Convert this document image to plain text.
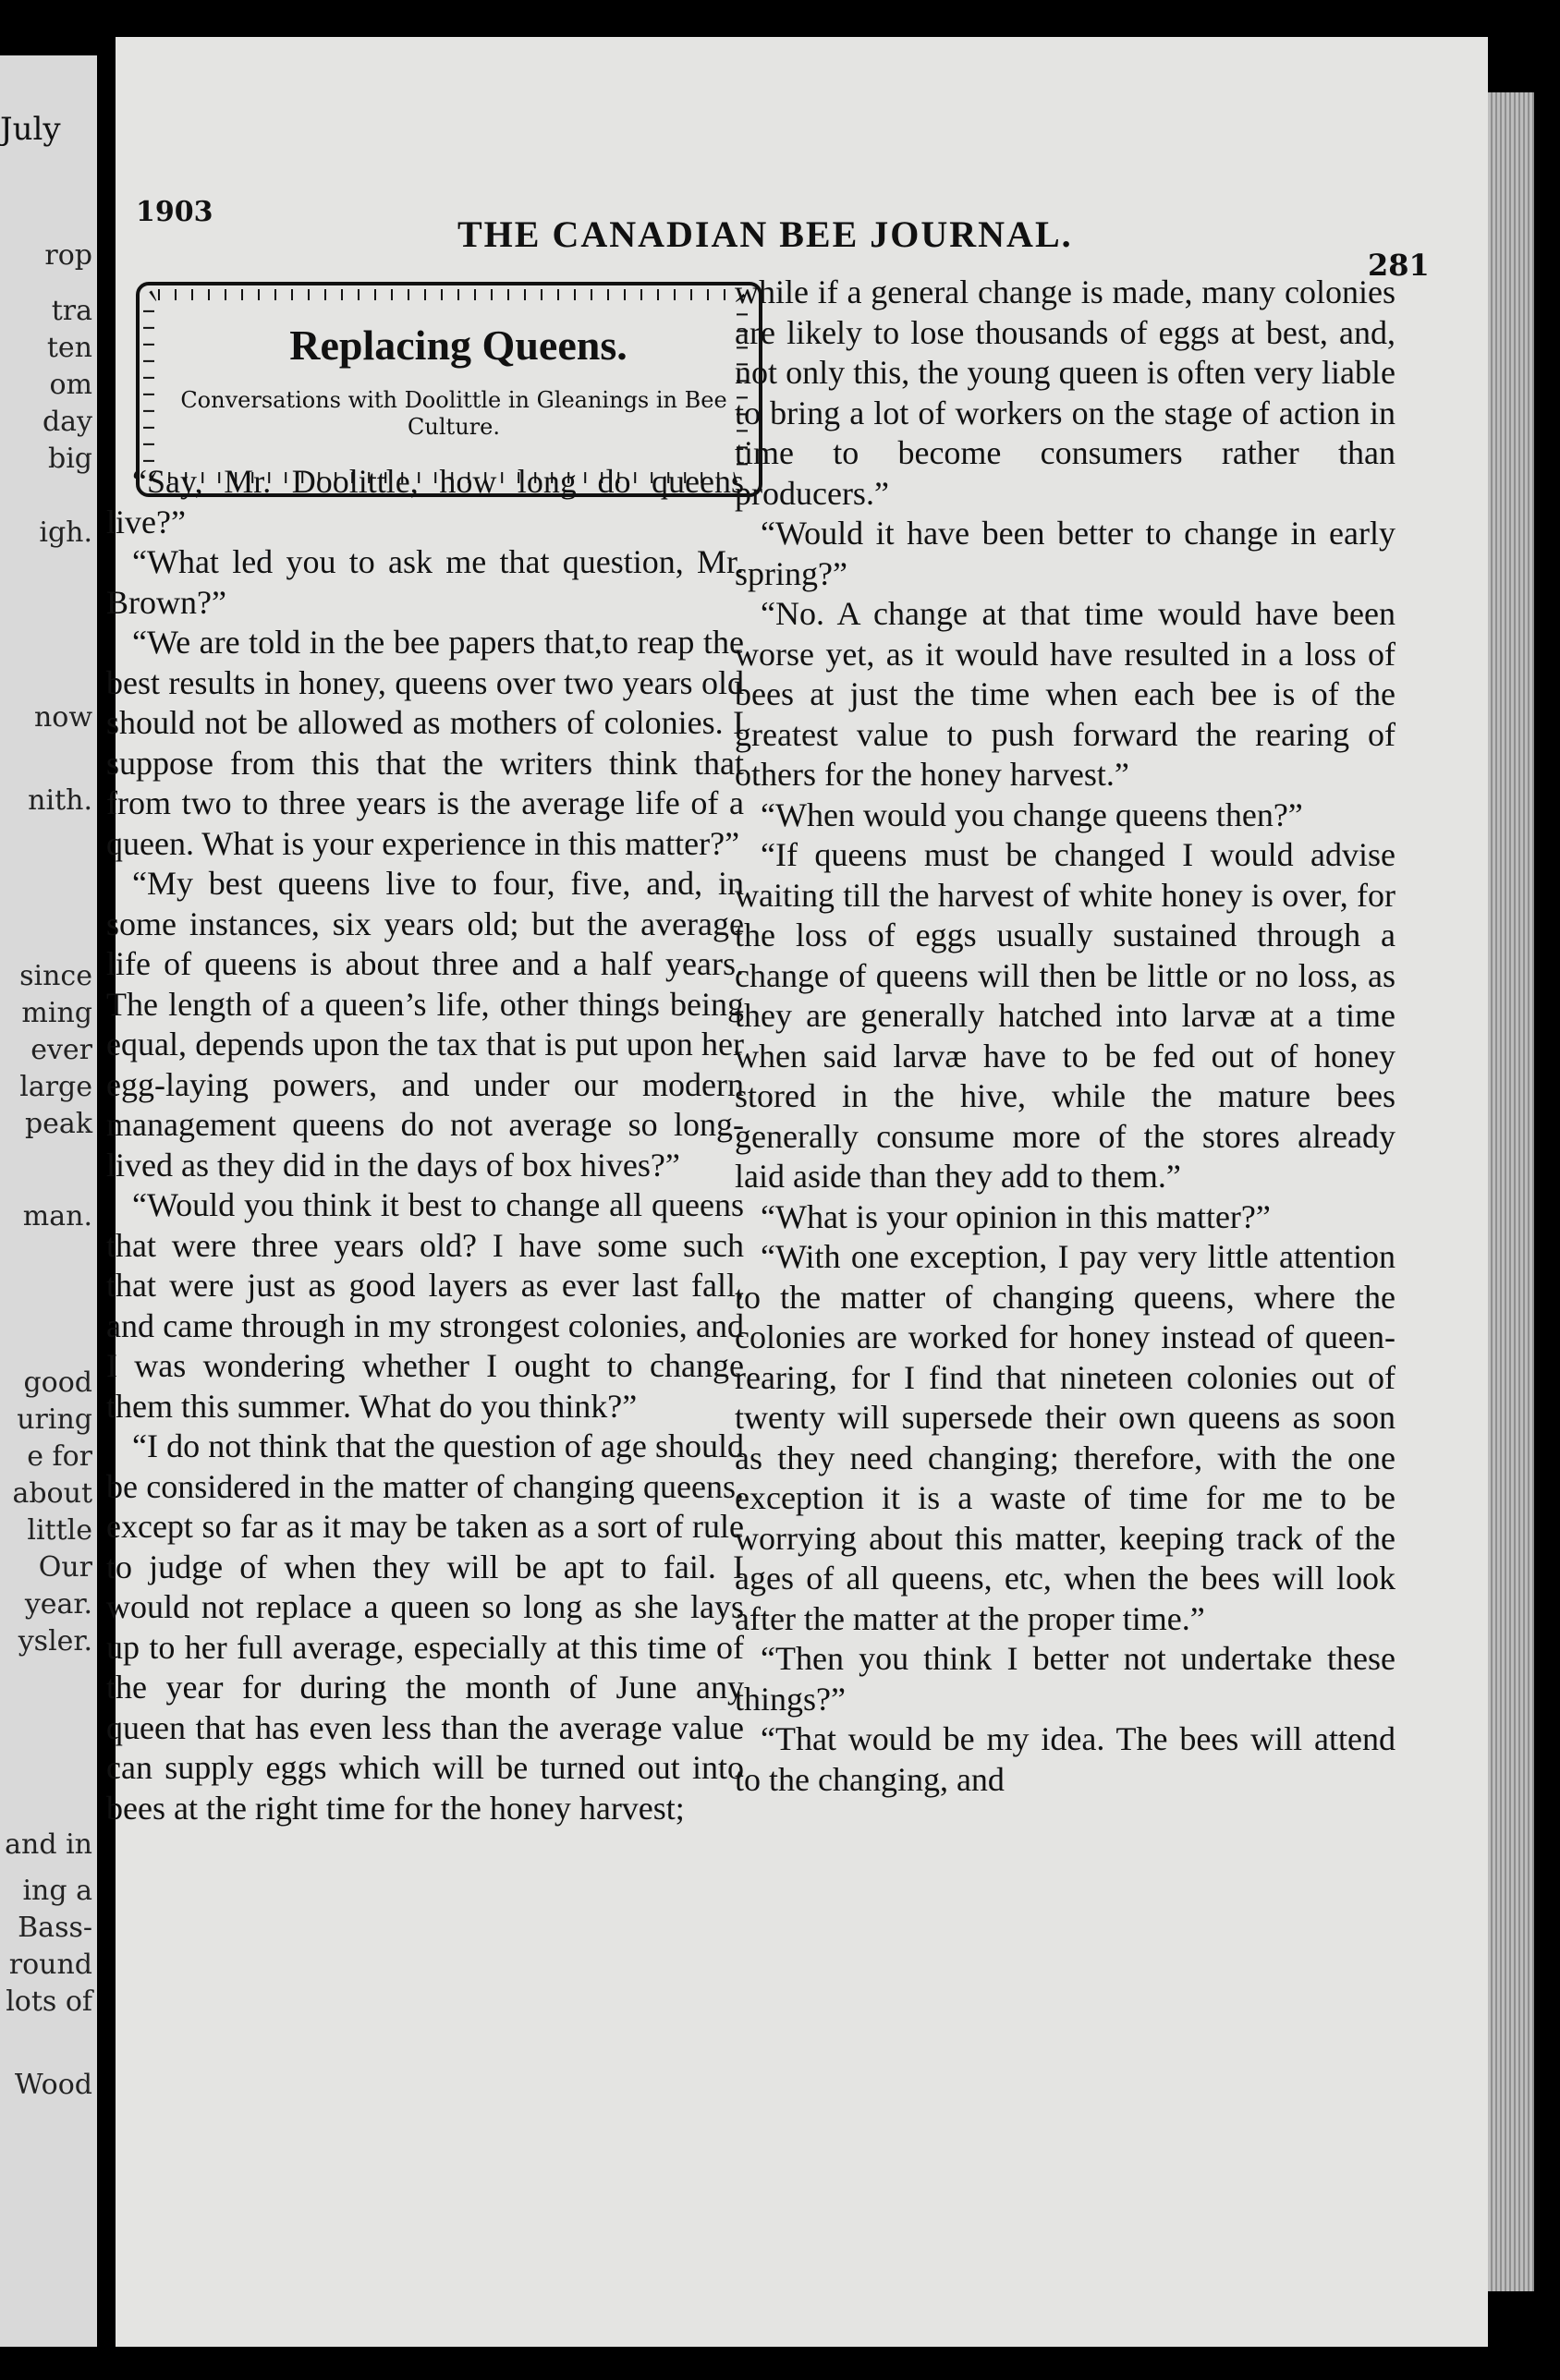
July
rop
tra
ten
om
day
big
igh.
now
nith.
since
ming
ever
large
peak
man.
good
uring
e for
about
little
Our
year.
ysler.
and in
ing a
Bass-
round
lots of
Wood
1903
THE CANADIAN BEE JOURNAL.
281
Replacing Queens.
Conversations with Doolittle in Gleanings in Bee Culture.

“Say, Mr. Doolittle, how long do queens live?”

“What led you to ask me that question, Mr. Brown?”

“We are told in the bee papers that,to reap the best results in honey, queens over two years old should not be allowed as mothers of colonies. I suppose from this that the writers think that from two to three years is the average life of a queen. What is your experience in this matter?”

“My best queens live to four, five, and, in some instances, six years old; but the average life of queens is about three and a half years. The length of a queen’s life, other things being equal, depends upon the tax that is put upon her egg-laying powers, and under our modern management queens do not average so long-lived as they did in the days of box hives?”

“Would you think it best to change all queens that were three years old? I have some such that were just as good layers as ever last fall, and came through in my strongest colonies, and I was wondering whether I ought to change them this summer. What do you think?”

“I do not think that the question of age should be considered in the matter of changing queens, except so far as it may be taken as a sort of rule to judge of when they will be apt to fail. I would not replace a queen so long as she lays up to her full average, especially at this time of the year for during the month of June any queen that has even less than the average value can supply eggs which will be turned out into bees at the right time for the honey harvest;

while if a general change is made, many colonies are likely to lose thousands of eggs at best, and, not only this, the young queen is often very liable to bring a lot of workers on the stage of action in time to become consumers rather than producers.”

“Would it have been better to change in early spring?”

“No. A change at that time would have been worse yet, as it would have resulted in a loss of bees at just the time when each bee is of the greatest value to push forward the rearing of others for the honey harvest.”

“When would you change queens then?”

“If queens must be changed I would advise waiting till the harvest of white honey is over, for the loss of eggs usually sustained through a change of queens will then be little or no loss, as they are generally hatched into larvæ at a time when said larvæ have to be fed out of honey stored in the hive, while the mature bees generally consume more of the stores already laid aside than they add to them.”

“What is your opinion in this matter?”

“With one exception, I pay very little attention to the matter of changing queens, where the colonies are worked for honey instead of queen-rearing, for I find that nineteen colonies out of twenty will supersede their own queens as soon as they need changing; therefore, with the one exception it is a waste of time for me to be worrying about this matter, keeping track of the ages of all queens, etc, when the bees will look after the matter at the proper time.”

“Then you think I better not undertake these things?”

“That would be my idea. The bees will attend to the changing, and
